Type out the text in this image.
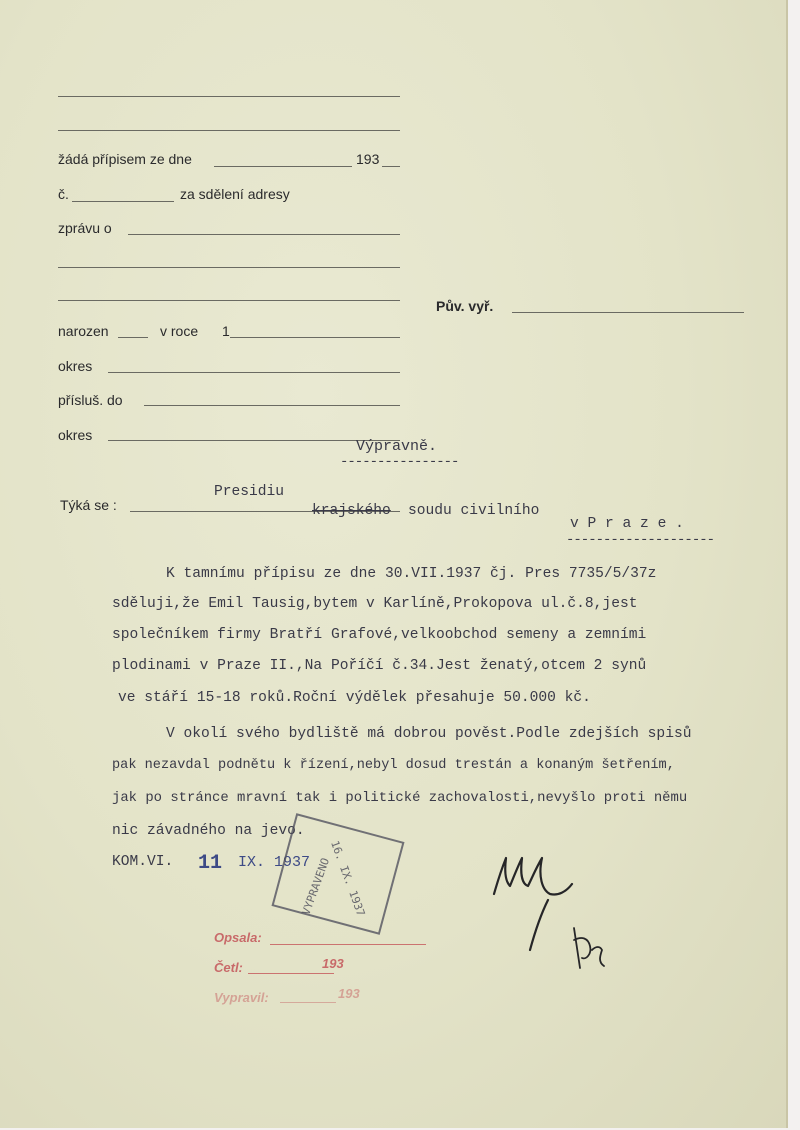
žádá přípisem ze dne	193
č.	za sdělení adresy
zprávu o
Pův. vyř.
narozen	v roce 1
okres
přísluš. do
okres
Výpravně.
----------------
Týká se :
Presidiu
krajského soudu civilního
v P r a z e .
--------------------
K tamnímu přípisu ze dne 30.VII.1937 čj. Pres 7735/5/37z
sděluji,že Emil Tausig,bytem v Karlíně,Prokopova ul.č.8,jest
společníkem firmy Bratří Grafové,velkoobchod semeny a zemními
plodinami v Praze II.,Na Poříčí č.34.Jest ženatý,otcem 2 synů
ve stáří 15-18 roků.Roční výdělek přesahuje 50.000 kč.
V okolí svého bydliště má dobrou pověst.Podle zdejších spisů
pak nezavdal podnětu k řízení,nebyl dosud trestán a konaným šetřením,
jak po stránce mravní tak i politické zachovalosti,nevyšlo proti němu
nic závadného na jevo.
KOM.VI. 11 IX. 1937
VYPRAVENO
16. IX. 1937
Opsala:
Četl:	193
Vypravil:	193
